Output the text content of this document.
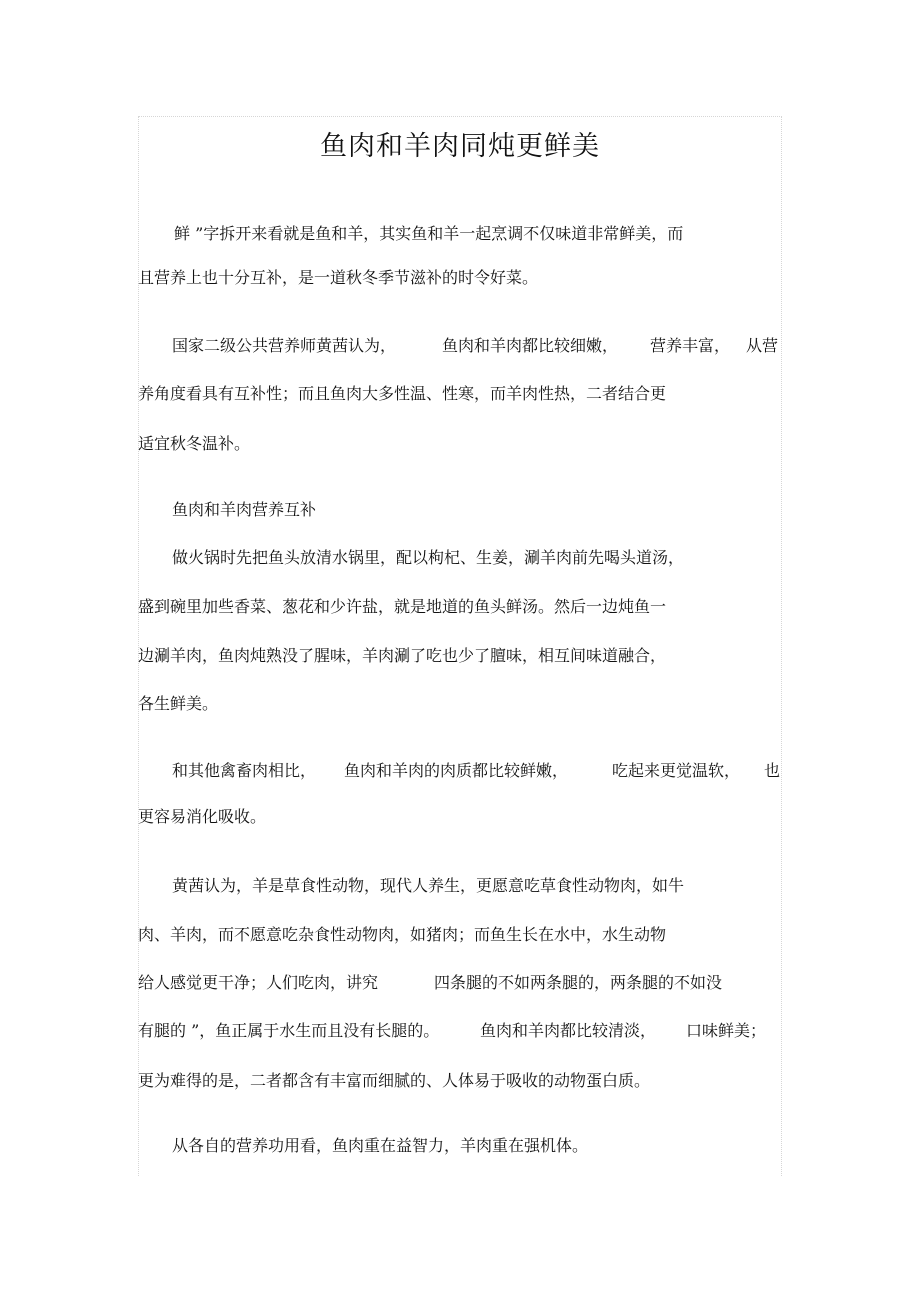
鱼肉和羊肉同炖更鲜美
鲜 ”字拆开来看就是鱼和羊，其实鱼和羊一起烹调不仅味道非常鲜美，而
且营养上也十分互补，是一道秋冬季节滋补的时令好菜。
国家二级公共营养师黄茜认为，	鱼肉和羊肉都比较细嫩， 营养丰富， 从营
养角度看具有互补性；而且鱼肉大多性温、性寒，而羊肉性热，二者结合更
适宜秋冬温补。
鱼肉和羊肉营养互补
做火锅时先把鱼头放清水锅里，配以枸杞、生姜，涮羊肉前先喝头道汤，
盛到碗里加些香菜、葱花和少许盐，就是地道的鱼头鲜汤。然后一边炖鱼一
边涮羊肉，鱼肉炖熟没了腥味，羊肉涮了吃也少了膻味，相互间味道融合，
各生鲜美。
和其他禽畜肉相比， 鱼肉和羊肉的肉质都比较鲜嫩，	吃起来更觉温软， 也
更容易消化吸收。
黄茜认为，羊是草食性动物，现代人养生，更愿意吃草食性动物肉，如牛
肉、羊肉，而不愿意吃杂食性动物肉，如猪肉；而鱼生长在水中，水生动物
给人感觉更干净；人们吃肉，讲究	四条腿的不如两条腿的，两条腿的不如没
有腿的 ”，鱼正属于水生而且没有长腿的。	鱼肉和羊肉都比较清淡， 口味鲜美；
更为难得的是，二者都含有丰富而细腻的、人体易于吸收的动物蛋白质。
从各自的营养功用看，鱼肉重在益智力，羊肉重在强机体。
